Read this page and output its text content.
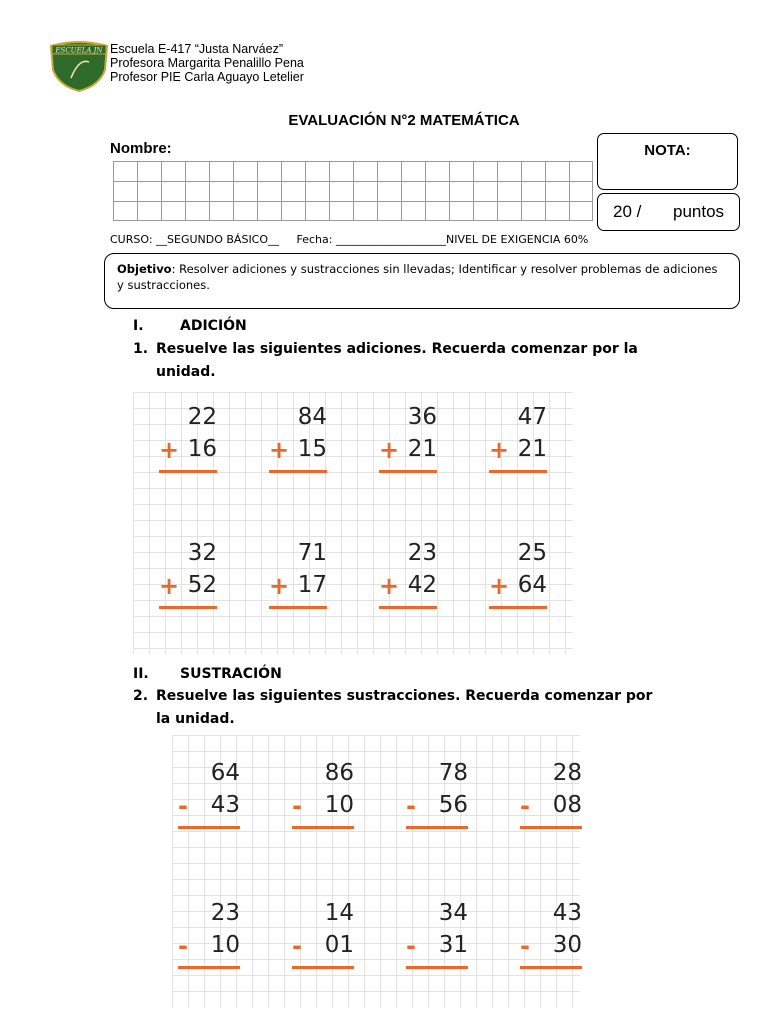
ESCUELA JN Escuela E-417 “Justa Narváez”
Profesora Margarita Penalillo Pena
Profesor PIE Carla Aguayo Letelier
EVALUACIÓN N°2 MATEMÁTICA
Nombre:	NOTA:
20 / puntos
CURSO: __SEGUNDO BÁSICO__ Fecha: ____________________NIVEL DE EXIGENCIA 60%
Objetivo: Resolver adiciones y sustracciones sin llevadas; Identificar y resolver problemas de adiciones y sustracciones.
I.	ADICIÓN
1. Resuelve las siguientes adiciones. Recuerda comenzar por la unidad.
22
+ 16
84
+ 15
36
+ 21
47
+ 21
32
+ 52
71
+ 17
23
+ 42
25
+ 64
II. SUSTRACIÓN
2. Resuelve las siguientes sustracciones. Recuerda comenzar por la unidad.
64
- 43
86
- 10
78
- 56
28
- 08
23
- 10
14
- 01
34
- 31
43
- 30
